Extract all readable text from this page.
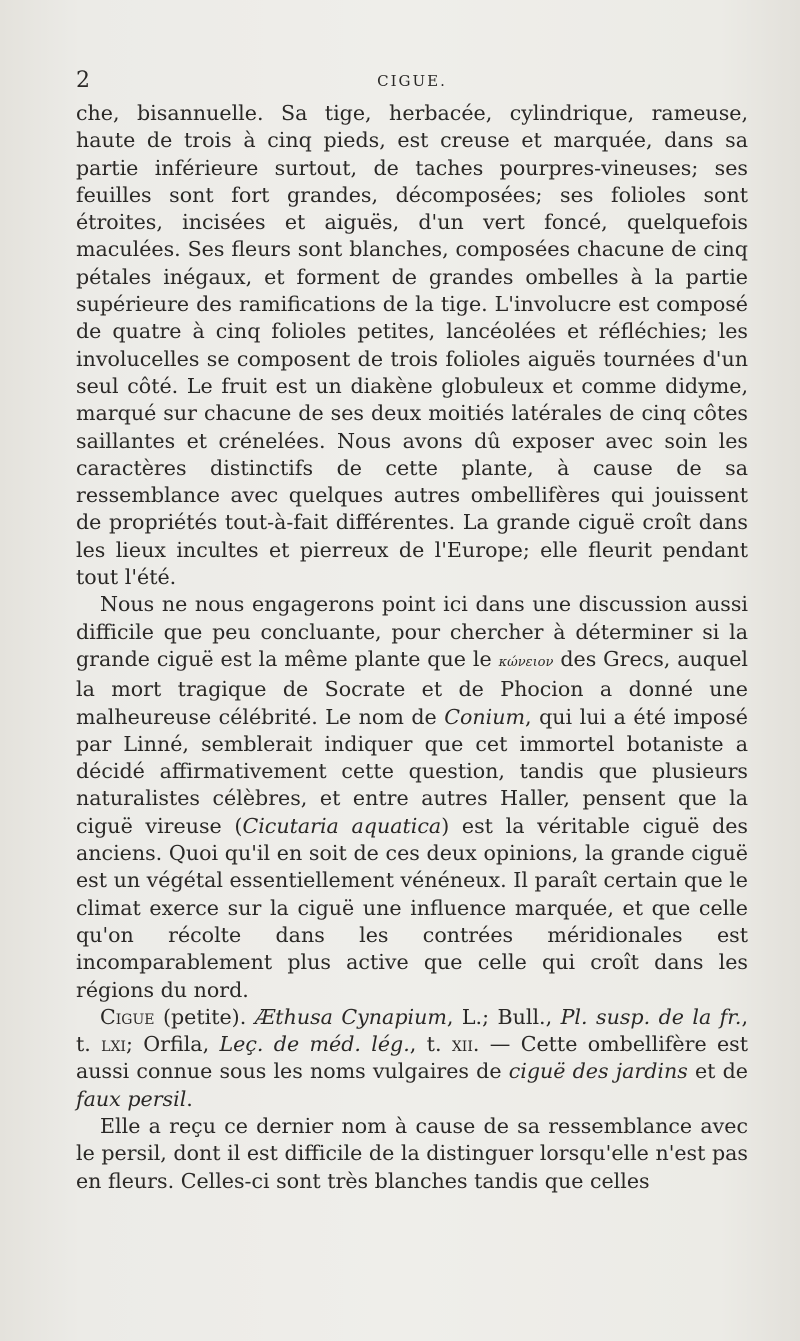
2	CIGUE.

che, bisannuelle. Sa tige, herbacée, cylindrique, rameuse, haute de trois à cinq pieds, est creuse et marquée, dans sa partie inférieure surtout, de taches pourpres-vineuses; ses feuilles sont fort grandes, décomposées; ses folioles sont étroites, incisées et aiguës, d'un vert foncé, quelquefois maculées. Ses fleurs sont blanches, composées chacune de cinq pétales inégaux, et forment de grandes ombelles à la partie supérieure des ramifications de la tige. L'involucre est composé de quatre à cinq folioles petites, lancéolées et réfléchies; les involucelles se composent de trois folioles aiguës tournées d'un seul côté. Le fruit est un diakène globuleux et comme didyme, marqué sur chacune de ses deux moitiés latérales de cinq côtes saillantes et crénelées. Nous avons dû exposer avec soin les caractères distinctifs de cette plante, à cause de sa ressemblance avec quelques autres ombellifères qui jouissent de propriétés tout-à-fait différentes. La grande ciguë croît dans les lieux incultes et pierreux de l'Europe; elle fleurit pendant tout l'été.

Nous ne nous engagerons point ici dans une discussion aussi difficile que peu concluante, pour chercher à déterminer si la grande ciguë est la même plante que le κώνειον des Grecs, auquel la mort tragique de Socrate et de Phocion a donné une malheureuse célébrité. Le nom de Conium, qui lui a été imposé par Linné, semblerait indiquer que cet immortel botaniste a décidé affirmativement cette question, tandis que plusieurs naturalistes célèbres, et entre autres Haller, pensent que la ciguë vireuse (Cicutaria aquatica) est la véritable ciguë des anciens. Quoi qu'il en soit de ces deux opinions, la grande ciguë est un végétal essentiellement vénéneux. Il paraît certain que le climat exerce sur la ciguë une influence marquée, et que celle qu'on récolte dans les contrées méridionales est incomparablement plus active que celle qui croît dans les régions du nord.

Cigue (petite). Æthusa Cynapium, L.; Bull., Pl. susp. de la fr., t. lxi; Orfila, Leç. de méd. lég., t. xii. — Cette ombellifère est aussi connue sous les noms vulgaires de ciguë des jardins et de faux persil.

Elle a reçu ce dernier nom à cause de sa ressemblance avec le persil, dont il est difficile de la distinguer lorsqu'elle n'est pas en fleurs. Celles-ci sont très blanches tandis que celles
